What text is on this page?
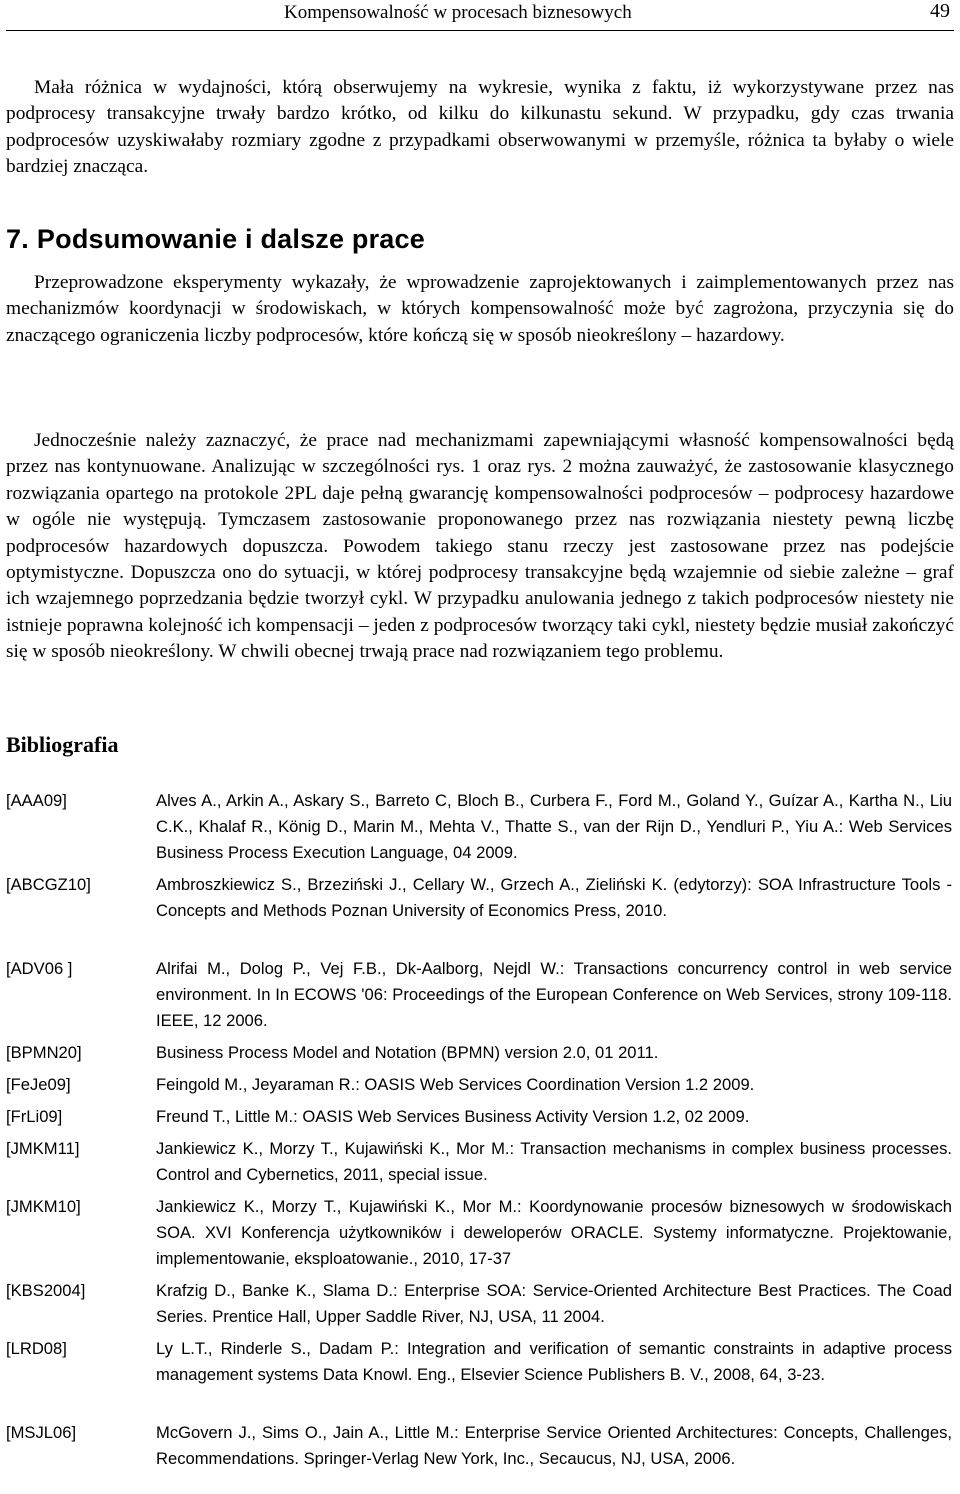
Kompensowalność w procesach biznesowych	49

Mała różnica w wydajności, którą obserwujemy na wykresie, wynika z faktu, iż wykorzystywane przez nas podprocesy transakcyjne trwały bardzo krótko, od kilku do kilkunastu sekund. W przypadku, gdy czas trwania podprocesów uzyskiwałaby rozmiary zgodne z przypadkami obserwowanymi w przemyśle, różnica ta byłaby o wiele bardziej znacząca.

7. Podsumowanie i dalsze prace

Przeprowadzone eksperymenty wykazały, że wprowadzenie zaprojektowanych i zaimplementowanych przez nas mechanizmów koordynacji w środowiskach, w których kompensowalność może być zagrożona, przyczynia się do znaczącego ograniczenia liczby podprocesów, które kończą się w sposób nieokreślony – hazardowy.

Jednocześnie należy zaznaczyć, że prace nad mechanizmami zapewniającymi własność kompensowalności będą przez nas kontynuowane. Analizując w szczególności rys. 1 oraz rys. 2 można zauważyć, że zastosowanie klasycznego rozwiązania opartego na protokole 2PL daje pełną gwarancję kompensowalności podprocesów – podprocesy hazardowe w ogóle nie występują. Tymczasem zastosowanie proponowanego przez nas rozwiązania niestety pewną liczbę podprocesów hazardowych dopuszcza. Powodem takiego stanu rzeczy jest zastosowane przez nas podejście optymistyczne. Dopuszcza ono do sytuacji, w której podprocesy transakcyjne będą wzajemnie od siebie zależne – graf ich wzajemnego poprzedzania będzie tworzył cykl. W przypadku anulowania jednego z takich podprocesów niestety nie istnieje poprawna kolejność ich kompensacji – jeden z podprocesów tworzący taki cykl, niestety będzie musiał zakończyć się w sposób nieokreślony. W chwili obecnej trwają prace nad rozwiązaniem tego problemu.

Bibliografia
[AAA09]	Alves A., Arkin A., Askary S., Barreto C, Bloch B., Curbera F., Ford M., Goland Y., Guízar A., Kartha N., Liu C.K., Khalaf R., König D., Marin M., Mehta V., Thatte S., van der Rijn D., Yendluri P., Yiu A.: Web Services Business Process Execution Language, 04 2009.
[ABCGZ10]	Ambroszkiewicz S., Brzeziński J., Cellary W., Grzech A., Zieliński K. (edytorzy): SOA Infrastructure Tools - Concepts and Methods Poznan University of Economics Press, 2010.
[ADV06 ]	Alrifai M., Dolog P., Vej F.B., Dk-Aalborg, Nejdl W.: Transactions concurrency control in web service environment. In In ECOWS '06: Proceedings of the European Conference on Web Services, strony 109-118. IEEE, 12 2006.
[BPMN20]	Business Process Model and Notation (BPMN) version 2.0, 01 2011.
[FeJe09]	Feingold M., Jeyaraman R.: OASIS Web Services Coordination Version 1.2 2009.
[FrLi09]	Freund T., Little M.: OASIS Web Services Business Activity Version 1.2, 02 2009.
[JMKM11]	Jankiewicz K., Morzy T., Kujawiński K., Mor M.: Transaction mechanisms in complex business processes. Control and Cybernetics, 2011, special issue.
[JMKM10]	Jankiewicz K., Morzy T., Kujawiński K., Mor M.: Koordynowanie procesów biznesowych w środowiskach SOA. XVI Konferencja użytkowników i deweloperów ORACLE. Systemy informatyczne. Projektowanie, implementowanie, eksploatowanie., 2010, 17-37
[KBS2004]	Krafzig D., Banke K., Slama D.: Enterprise SOA: Service-Oriented Architecture Best Practices. The Coad Series. Prentice Hall, Upper Saddle River, NJ, USA, 11 2004.
[LRD08]	Ly L.T., Rinderle S., Dadam P.: Integration and verification of semantic constraints in adaptive process management systems Data Knowl. Eng., Elsevier Science Publishers B. V., 2008, 64, 3-23.
[MSJL06]	McGovern J., Sims O., Jain A., Little M.: Enterprise Service Oriented Architectures: Concepts, Challenges, Recommendations. Springer-Verlag New York, Inc., Secaucus, NJ, USA, 2006.
